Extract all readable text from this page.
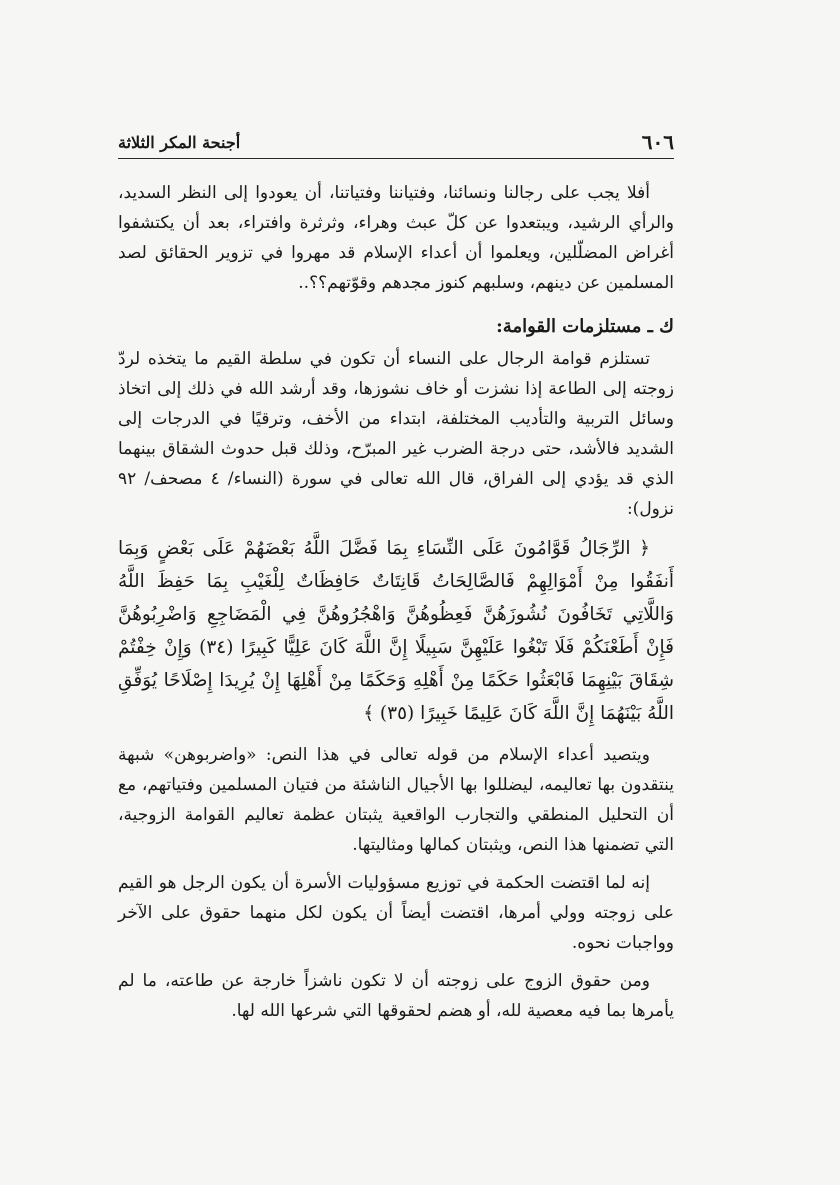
٦٠٦
أجنحة المكر الثلاثة

أفلا يجب على رجالنا ونسائنا، وفتياننا وفتياتنا، أن يعودوا إلى النظر السديد، والرأي الرشيد، ويبتعدوا عن كلّ عبث وهراء، وثرثرة وافتراء، بعد أن يكتشفوا أغراض المضلّلين، ويعلموا أن أعداء الإسلام قد مهروا في تزوير الحقائق لصد المسلمين عن دينهم، وسلبهم كنوز مجدهم وقوّتهم؟؟..

ك ـ مستلزمات القوامة:

تستلزم قوامة الرجال على النساء أن تكون في سلطة القيم ما يتخذه لردّ زوجته إلى الطاعة إذا نشزت أو خاف نشوزها، وقد أرشد الله في ذلك إلى اتخاذ وسائل التربية والتأديب المختلفة، ابتداء من الأخف، وترقيًا في الدرجات إلى الشديد فالأشد، حتى درجة الضرب غير المبرّح، وذلك قبل حدوث الشقاق بينهما الذي قد يؤدي إلى الفراق، قال الله تعالى في سورة (النساء/ ٤ مصحف/ ٩٢ نزول):

﴿ الرِّجَالُ قَوَّامُونَ عَلَى النِّسَاءِ بِمَا فَضَّلَ اللَّهُ بَعْضَهُمْ عَلَى بَعْضٍ وَبِمَا أَنفَقُوا مِنْ أَمْوَالِهِمْ فَالصَّالِحَاتُ قَانِتَاتٌ حَافِظَاتٌ لِلْغَيْبِ بِمَا حَفِظَ اللَّهُ وَاللَّاتِي تَخَافُونَ نُشُوزَهُنَّ فَعِظُوهُنَّ وَاهْجُرُوهُنَّ فِي الْمَضَاجِعِ وَاضْرِبُوهُنَّ فَإِنْ أَطَعْنَكُمْ فَلَا تَبْغُوا عَلَيْهِنَّ سَبِيلًا إِنَّ اللَّهَ كَانَ عَلِيًّا كَبِيرًا (٣٤) وَإِنْ خِفْتُمْ شِقَاقَ بَيْنِهِمَا فَابْعَثُوا حَكَمًا مِنْ أَهْلِهِ وَحَكَمًا مِنْ أَهْلِهَا إِنْ يُرِيدَا إِصْلَاحًا يُوَفِّقِ اللَّهُ بَيْنَهُمَا إِنَّ اللَّهَ كَانَ عَلِيمًا خَبِيرًا (٣٥) ﴾

ويتصيد أعداء الإسلام من قوله تعالى في هذا النص: «واضربوهن» شبهة ينتقدون بها تعاليمه، ليضللوا بها الأجيال الناشئة من فتيان المسلمين وفتياتهم، مع أن التحليل المنطقي والتجارب الواقعية يثبتان عظمة تعاليم القوامة الزوجية، التي تضمنها هذا النص، ويثبتان كمالها ومثاليتها.

إنه لما اقتضت الحكمة في توزيع مسؤوليات الأسرة أن يكون الرجل هو القيم على زوجته وولي أمرها، اقتضت أيضاً أن يكون لكل منهما حقوق على الآخر وواجبات نحوه.

ومن حقوق الزوج على زوجته أن لا تكون ناشزاً خارجة عن طاعته، ما لم يأمرها بما فيه معصية لله، أو هضم لحقوقها التي شرعها الله لها.
